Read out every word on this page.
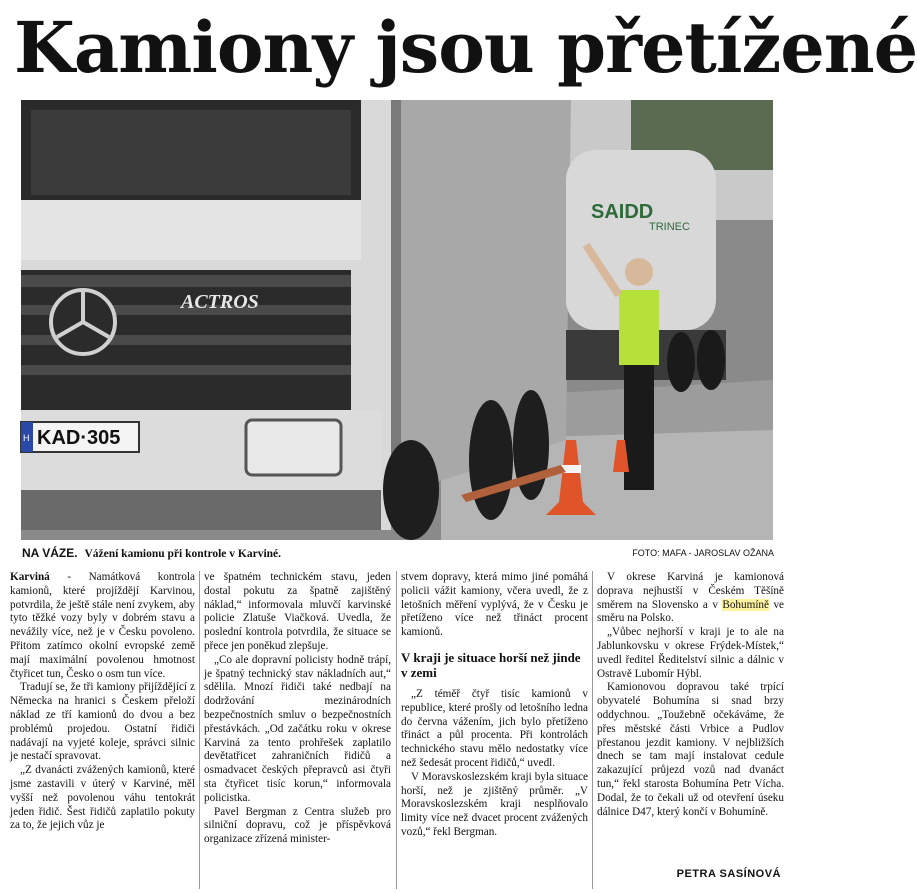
Kamiony jsou přetížené
SAIDD
TRINEC
ACTROS
H KAD·305
NA VÁZE. Vážení kamionu při kontrole v Karviné.	FOTO: MAFA - JAROSLAV OŽANA

Karviná - Namátková kontrola kamionů, které projíždějí Karvinou, potvrdila, že ještě stále není zvykem, aby tyto těžké vozy byly v dobrém stavu a nevážily více, než je v Česku povoleno. Přitom zatímco okolní evropské země mají maximální povolenou hmotnost čtyřicet tun, Česko o osm tun více.

Tradují se, že tři kamiony přijíždějící z Německa na hranici s Českem přeloží náklad ze tří kamionů do dvou a bez problémů projedou. Ostatní řidiči nadávají na vyjeté koleje, správci silnic je nestačí spravovat.

„Z dvanácti zvážených kamionů, které jsme zastavili v úterý v Karviné, měl vyšší než povolenou váhu tentokrát jeden řidič. Šest řidičů zaplatilo pokuty za to, že jejich vůz je

ve špatném technickém stavu, jeden dostal pokutu za špatně zajištěný náklad,“ informovala mluvčí karvinské policie Zlatuše Viačková. Uvedla, že poslední kontrola potvrdila, že situace se přece jen poněkud zlepšuje.

„Co ale dopravní policisty hodně trápí, je špatný technický stav nákladních aut,“ sdělila. Mnozí řidiči také nedbají na dodržování mezinárodních bezpečnostních smluv o bezpečnostních přestávkách. „Od začátku roku v okrese Karviná za tento prohřešek zaplatilo devětatřicet zahraničních řidičů a osmadvacet českých přepravců asi čtyři sta čtyřicet tisíc korun,“ informovala policistka.

Pavel Bergman z Centra služeb pro silniční dopravu, což je příspěvková organizace zřízená minister-

stvem dopravy, která mimo jiné pomáhá policii vážit kamiony, včera uvedl, že z letošních měření vyplývá, že v Česku je přetíženo více než třináct procent kamionů.

V kraji je situace horší než jinde v zemi

„Z téměř čtyř tisíc kamionů v republice, které prošly od letošního ledna do června vážením, jich bylo přetíženo třináct a půl procenta. Při kontrolách technického stavu mělo nedostatky více než šedesát procent řidičů,“ uvedl.

V Moravskoslezském kraji byla situace horší, než je zjištěný průměr. „V Moravskoslezském kraji nesplňovalo limity více než dvacet procent zvážených vozů,“ řekl Bergman.

V okrese Karviná je kamionová doprava nejhustší v Českém Těšíně směrem na Slovensko a v Bohumíně ve směru na Polsko.

„Vůbec nejhorší v kraji je to ale na Jablunkovsku v okrese Frýdek-Místek,“ uvedl ředitel Ředitelství silnic a dálnic v Ostravě Lubomír Hýbl.

Kamionovou dopravou také trpící obyvatelé Bohumína si snad brzy oddychnou. „Toužebně očekáváme, že přes městské části Vrbice a Pudlov přestanou jezdit kamiony. V nejbližších dnech se tam mají instalovat cedule zakazující průjezd vozů nad dvanáct tun,“ řekl starosta Bohumína Petr Vícha. Dodal, že to čekali už od otevření úseku dálnice D47, který končí v Bohumíně.

PETRA SASÍNOVÁ
